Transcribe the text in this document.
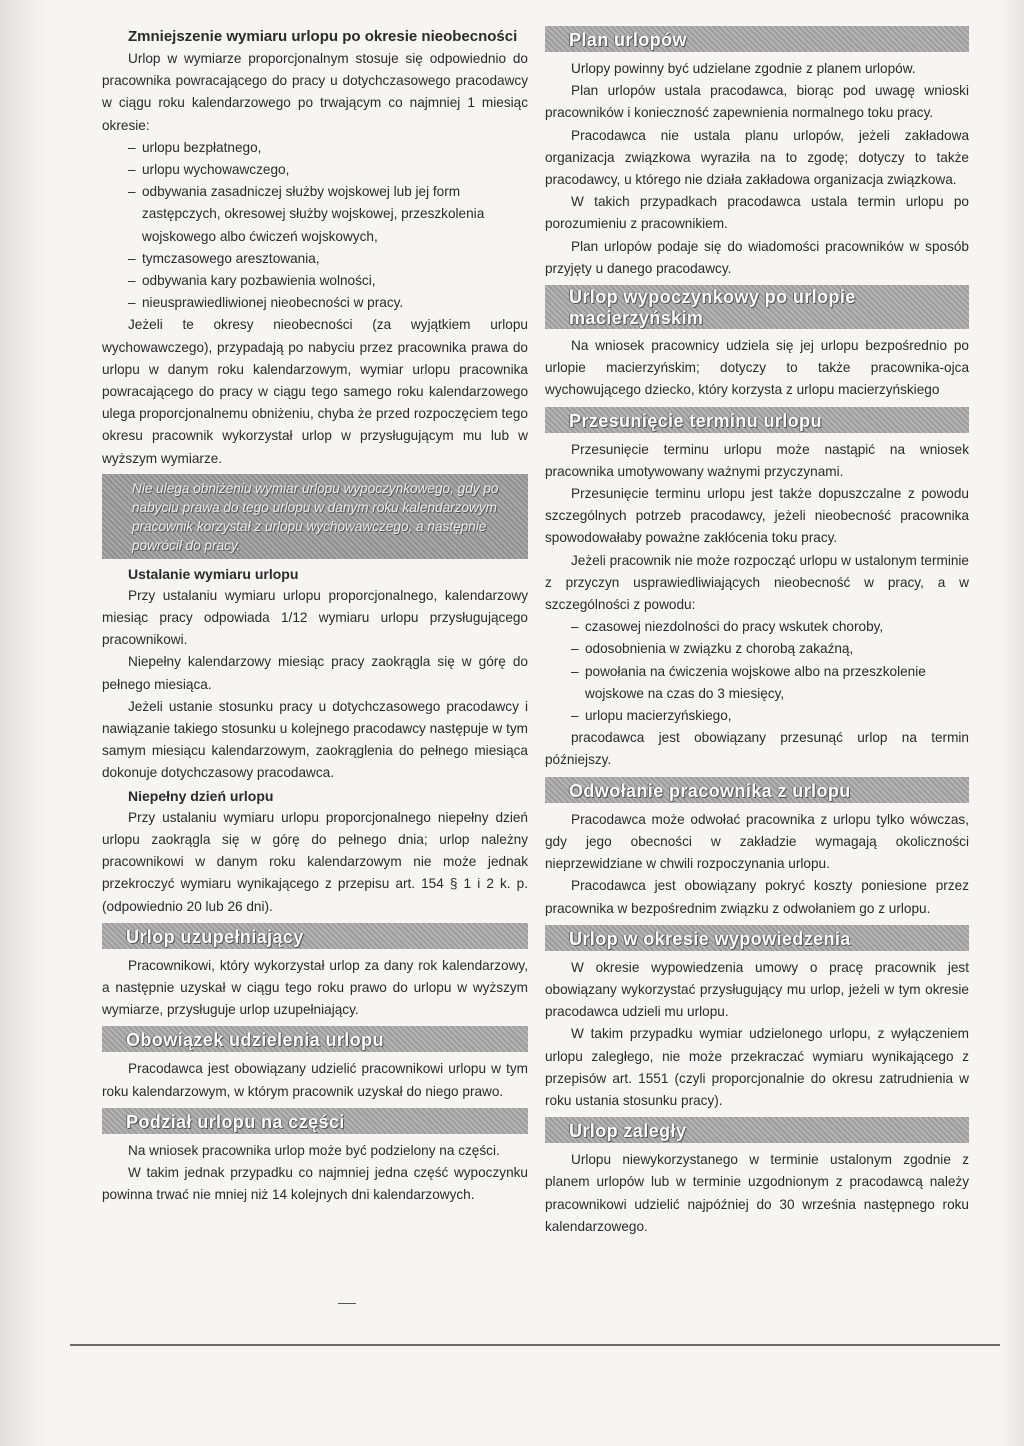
Zmniejszenie wymiaru urlopu po okresie nieobecności

Urlop w wymiarze proporcjonalnym stosuje się odpowiednio do pracownika powracającego do pracy u dotychczasowego pracodawcy w ciągu roku kalendarzowego po trwającym co najmniej 1 miesiąc okresie:

– urlopu bezpłatnego,
– urlopu wychowawczego,
– odbywania zasadniczej służby wojskowej lub jej form zastępczych, okresowej służby wojskowej, przeszkolenia wojskowego albo ćwiczeń wojskowych,
– tymczasowego aresztowania,
– odbywania kary pozbawienia wolności,
– nieusprawiedliwionej nieobecności w pracy.

Jeżeli te okresy nieobecności (za wyjątkiem urlopu wychowawczego), przypadają po nabyciu przez pracownika prawa do urlopu w danym roku kalendarzowym, wymiar urlopu pracownika powracającego do pracy w ciągu tego samego roku kalendarzowego ulega proporcjonalnemu obniżeniu, chyba że przed rozpoczęciem tego okresu pracownik wykorzystał urlop w przysługującym mu lub w wyższym wymiarze.

Nie ulega obniżeniu wymiar urlopu wypoczynkowego, gdy po nabyciu prawa do tego urlopu w danym roku kalendarzowym pracownik korzystał z urlopu wychowawczego, a następnie powrócił do pracy.
Ustalanie wymiaru urlopu

Przy ustalaniu wymiaru urlopu proporcjonalnego, kalendarzowy miesiąc pracy odpowiada 1/12 wymiaru urlopu przysługującego pracownikowi.

Niepełny kalendarzowy miesiąc pracy zaokrągla się w górę do pełnego miesiąca.

Jeżeli ustanie stosunku pracy u dotychczasowego pracodawcy i nawiązanie takiego stosunku u kolejnego pracodawcy następuje w tym samym miesiącu kalendarzowym, zaokrąglenia do pełnego miesiąca dokonuje dotychczasowy pracodawca.

Niepełny dzień urlopu

Przy ustalaniu wymiaru urlopu proporcjonalnego niepełny dzień urlopu zaokrągla się w górę do pełnego dnia; urlop należny pracownikowi w danym roku kalendarzowym nie może jednak przekroczyć wymiaru wynikającego z przepisu art. 154 § 1 i 2 k. p. (odpowiednio 20 lub 26 dni).

Urlop uzupełniający

Pracownikowi, który wykorzystał urlop za dany rok kalendarzowy, a następnie uzyskał w ciągu tego roku prawo do urlopu w wyższym wymiarze, przysługuje urlop uzupełniający.

Obowiązek udzielenia urlopu

Pracodawca jest obowiązany udzielić pracownikowi urlopu w tym roku kalendarzowym, w którym pracownik uzyskał do niego prawo.

Podział urlopu na części

Na wniosek pracownika urlop może być podzielony na części.

W takim jednak przypadku co najmniej jedna część wypoczynku powinna trwać nie mniej niż 14 kolejnych dni kalendarzowych.

Plan urlopów

Urlopy powinny być udzielane zgodnie z planem urlopów.

Plan urlopów ustala pracodawca, biorąc pod uwagę wnioski pracowników i konieczność zapewnienia normalnego toku pracy.

Pracodawca nie ustala planu urlopów, jeżeli zakładowa organizacja związkowa wyraziła na to zgodę; dotyczy to także pracodawcy, u którego nie działa zakładowa organizacja związkowa.

W takich przypadkach pracodawca ustala termin urlopu po porozumieniu z pracownikiem.

Plan urlopów podaje się do wiadomości pracowników w sposób przyjęty u danego pracodawcy.

Urlop wypoczynkowy po urlopie
macierzyńskim

Na wniosek pracownicy udziela się jej urlopu bezpośrednio po urlopie macierzyńskim; dotyczy to także pracownika-ojca wychowującego dziecko, który korzysta z urlopu macierzyńskiego

Przesunięcie terminu urlopu

Przesunięcie terminu urlopu może nastąpić na wniosek pracownika umotywowany ważnymi przyczynami.

Przesunięcie terminu urlopu jest także dopuszczalne z powodu szczególnych potrzeb pracodawcy, jeżeli nieobecność pracownika spowodowałaby poważne zakłócenia toku pracy.

Jeżeli pracownik nie może rozpocząć urlopu w ustalonym terminie z przyczyn usprawiedliwiających nieobecność w pracy, a w szczególności z powodu:

– czasowej niezdolności do pracy wskutek choroby,
– odosobnienia w związku z chorobą zakaźną,
– powołania na ćwiczenia wojskowe albo na przeszkolenie wojskowe na czas do 3 miesięcy,
– urlopu macierzyńskiego,

pracodawca jest obowiązany przesunąć urlop na termin późniejszy.

Odwołanie pracownika z urlopu

Pracodawca może odwołać pracownika z urlopu tylko wówczas, gdy jego obecności w zakładzie wymagają okoliczności nieprzewidziane w chwili rozpoczynania urlopu.

Pracodawca jest obowiązany pokryć koszty poniesione przez pracownika w bezpośrednim związku z odwołaniem go z urlopu.

Urlop w okresie wypowiedzenia

W okresie wypowiedzenia umowy o pracę pracownik jest obowiązany wykorzystać przysługujący mu urlop, jeżeli w tym okresie pracodawca udzieli mu urlopu.

W takim przypadku wymiar udzielonego urlopu, z wyłączeniem urlopu zaległego, nie może przekraczać wymiaru wynikającego z przepisów art. 1551 (czyli proporcjonalnie do okresu zatrudnienia w roku ustania stosunku pracy).

Urlop zaległy

Urlopu niewykorzystanego w terminie ustalonym zgodnie z planem urlopów lub w terminie uzgodnionym z pracodawcą należy pracownikowi udzielić najpóźniej do 30 września następnego roku kalendarzowego.
